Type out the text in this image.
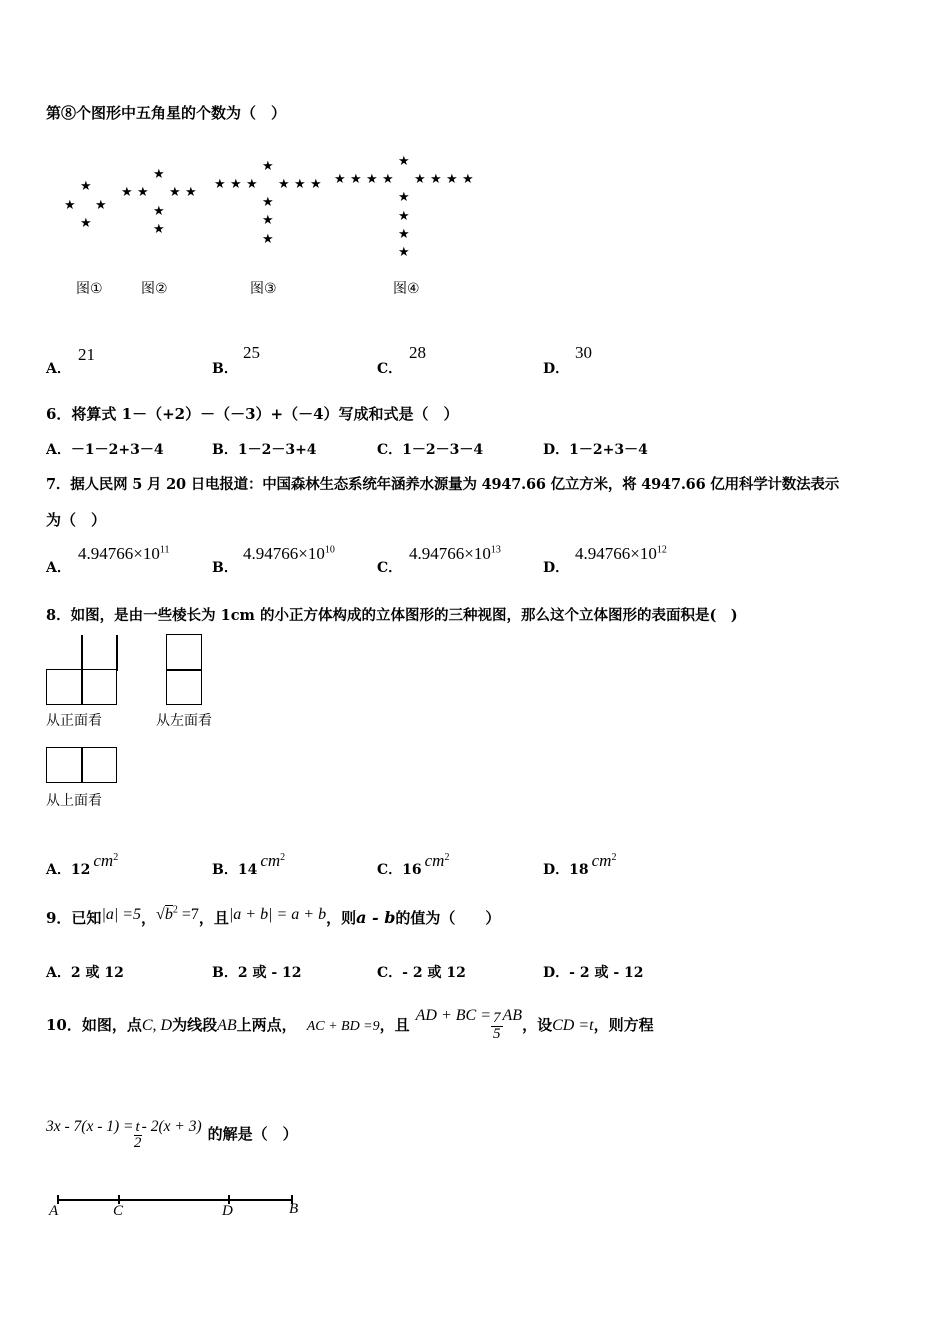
第⑧个图形中五角星的个数为（　）
★
★ ★
★
★
★ ★ ★ ★
★
★
★
★ ★ ★ ★ ★ ★
★
★
★
★
★ ★ ★ ★ ★ ★ ★ ★
★
★
★
★
图①	图②	图③	图④
A．
21
B．
25
C．
28
D．
30
6．将算式 1－（+2）－（－3）+（－4）写成和式是（　）
A．－1－2+3－4	B．1－2－3+4	C．1－2－3－4	D．1－2+3－4
7．据人民网 5 月 20 日电报道：中国森林生态系统年涵养水源量为 4947.66 亿立方米，将 4947.66 亿用科学计数法表示
为（　）
A．
$4.94766\times 10^{11}$
B．
$4.94766\times 10^{10}$
C．
$4.94766\times 10^{13}$
D．
$4.94766\times 10^{12}$
8．如图，是由一些棱长为 1cm 的小正方体构成的立体图形的三种视图，那么这个立体图形的表面积是(　)
从正面看	从左面看
从上面看
A．12 $cm^2$
B．14 $cm^2$
C．16 $cm^2$
D．18 $cm^2$
9．已知|a| =5，$√b^2 =7$，且|a + b| = a + b，则a - b的值为（　　）
A．2 或 12	B．2 或 - 12	C．- 2 或 12	D．- 2 或 - 12
10．如图，点C, D为线段AB上两点， AC + BD =9，且AD + BC = $\frac{7}{5}$ AB，设CD =t，则方程
$3x - 7(x - 1) = \frac{t}{2} - 2(x + 3)$ 的解是（　）
A	C	D	B
